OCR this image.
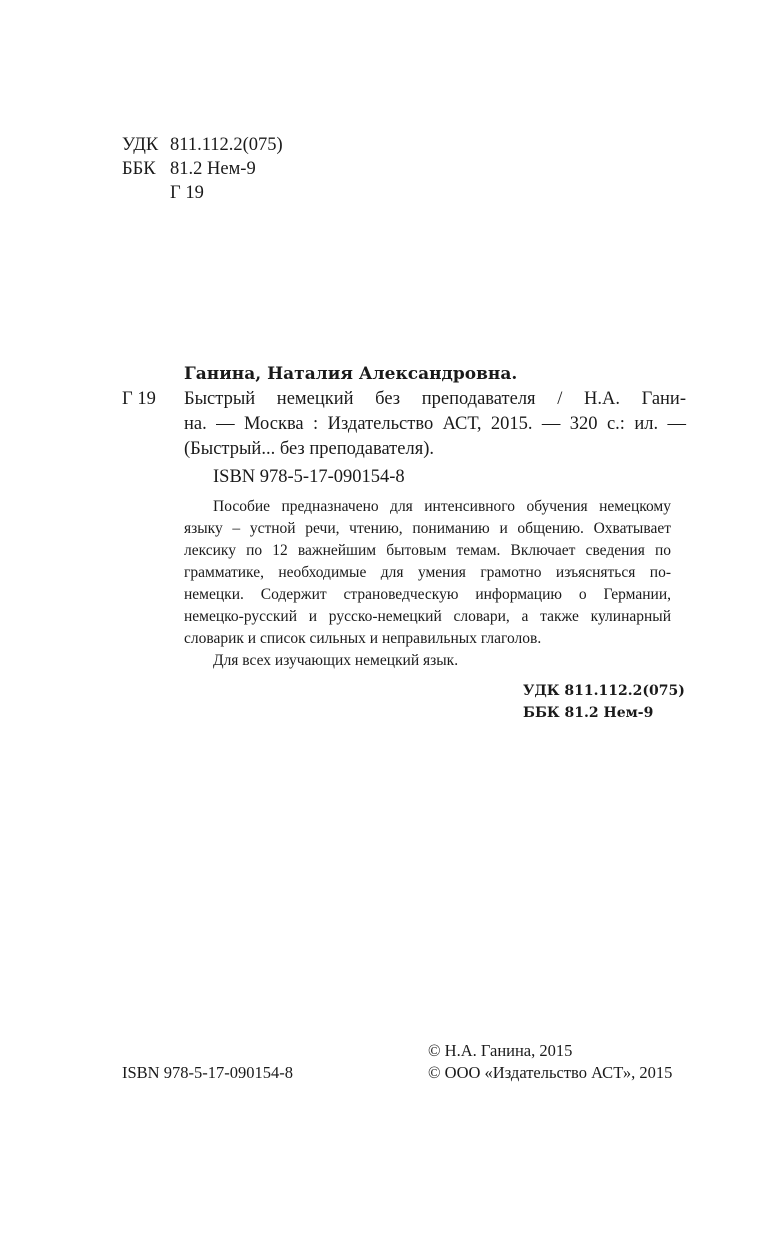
УДК 811.112.2(075)
ББК 81.2 Нем-9
Г 19
Ганина, Наталия Александровна.
Г 19 Быстрый немецкий без преподавателя / Н.А. Гани-
на. — Москва : Издательство АСТ, 2015. — 320 с.: ил. —
(Быстрый... без преподавателя).
ISBN 978-5-17-090154-8
Пособие предназначено для интенсивного обучения немецкому
языку – устной речи, чтению, пониманию и общению. Охватывает
лексику по 12 важнейшим бытовым темам. Включает сведения по
грамматике, необходимые для умения грамотно изъясняться по-
немецки. Содержит страноведческую информацию о Германии,
немецко-русский и русско-немецкий словари, а также кулинарный
словарик и список сильных и неправильных глаголов.
Для всех изучающих немецкий язык.
УДК 811.112.2(075)
ББК 81.2 Нем-9
© Н.А. Ганина, 2015
ISBN 978-5-17-090154-8	© ООО «Издательство АСТ», 2015
